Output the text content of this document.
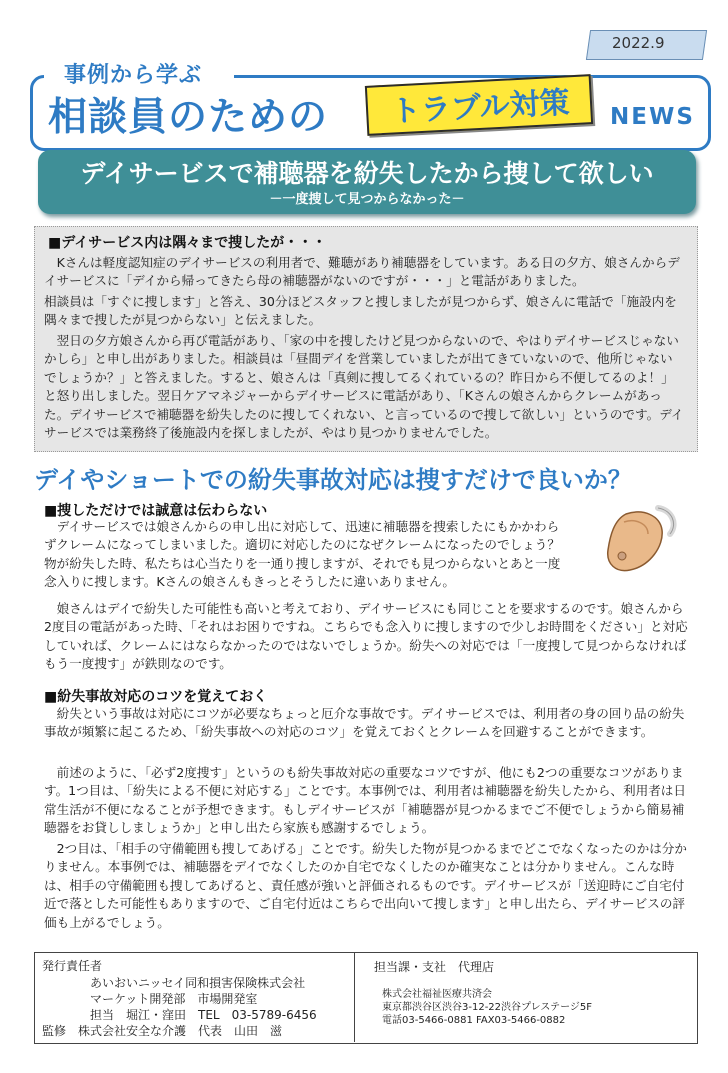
2022.9
事例から学ぶ
相談員のための	トラブル対策	NEWS
デイサービスで補聴器を紛失したから捜して欲しい
－一度捜して見つからなかった－
■デイサービス内は隅々まで捜したが・・・
　Kさんは軽度認知症のデイサービスの利用者で、難聴があり補聴器をしています。ある日の夕方、娘さんからデイサービスに「デイから帰ってきたら母の補聴器がないのですが・・・」と電話がありました。
相談員は「すぐに捜します」と答え、30分ほどスタッフと捜しましたが見つからず、娘さんに電話で「施設内を隅々まで捜したが見つからない」と伝えました。
　翌日の夕方娘さんから再び電話があり、「家の中を捜したけど見つからないので、やはりデイサービスじゃないかしら」と申し出がありました。相談員は「昼間デイを営業していましたが出てきていないので、他所じゃないでしょうか？」と答えました。すると、娘さんは「真剣に捜してるくれているの？昨日から不便してるのよ！」と怒り出しました。翌日ケアマネジャーからデイサービスに電話があり、「Kさんの娘さんからクレームがあった。デイサービスで補聴器を紛失したのに捜してくれない、と言っているので捜して欲しい」というのです。デイサービスでは業務終了後施設内を探しましたが、やはり見つかりませんでした。
デイやショートでの紛失事故対応は捜すだけで良いか？
■捜しただけでは誠意は伝わらない
　デイサービスでは娘さんからの申し出に対応して、迅速に補聴器を捜索したにもかかわらずクレームになってしまいました。適切に対応したのになぜクレームになったのでしょう？物が紛失した時、私たちは心当たりを一通り捜しますが、それでも見つからないとあと一度念入りに捜します。Kさんの娘さんもきっとそうしたに違いありません。
　娘さんはデイで紛失した可能性も高いと考えており、デイサービスにも同じことを要求するのです。娘さんから2度目の電話があった時、「それはお困りですね。こちらでも念入りに捜しますので少しお時間をください」と対応していれば、クレームにはならなかったのではないでしょうか。紛失への対応では「一度捜して見つからなければもう一度捜す」が鉄則なのです。
■紛失事故対応のコツを覚えておく
　紛失という事故は対応にコツが必要なちょっと厄介な事故です。デイサービスでは、利用者の身の回り品の紛失事故が頻繁に起こるため、「紛失事故への対応のコツ」を覚えておくとクレームを回避することができます。
　前述のように、「必ず2度捜す」というのも紛失事故対応の重要なコツですが、他にも2つの重要なコツがあります。1つ目は、「紛失による不便に対応する」ことです。本事例では、利用者は補聴器を紛失したから、利用者は日常生活が不便になることが予想できます。もしデイサービスが「補聴器が見つかるまでご不便でしょうから簡易補聴器をお貸ししましょうか」と申し出たら家族も感謝するでしょう。
　2つ目は、「相手の守備範囲も捜してあげる」ことです。紛失した物が見つかるまでどこでなくなったのかは分かりません。本事例では、補聴器をデイでなくしたのか自宅でなくしたのか確実なことは分かりません。こんな時は、相手の守備範囲も捜してあげると、責任感が強いと評価されるものです。デイサービスが「送迎時にご自宅付近で落とした可能性もありますので、ご自宅付近はこちらで出向いて捜します」と申し出たら、デイサービスの評価も上がるでしょう。
発行責任者
あいおいニッセイ同和損害保険株式会社
マーケット開発部　市場開発室
担当　堀江・窪田　TEL　03-5789-6456
監修　株式会社安全な介護　代表　山田　滋
担当課・支社　代理店
株式会社福祉医療共済会
東京都渋谷区渋谷3-12-22渋谷プレステージ5F
電話03-5466-0881 FAX03-5466-0882
